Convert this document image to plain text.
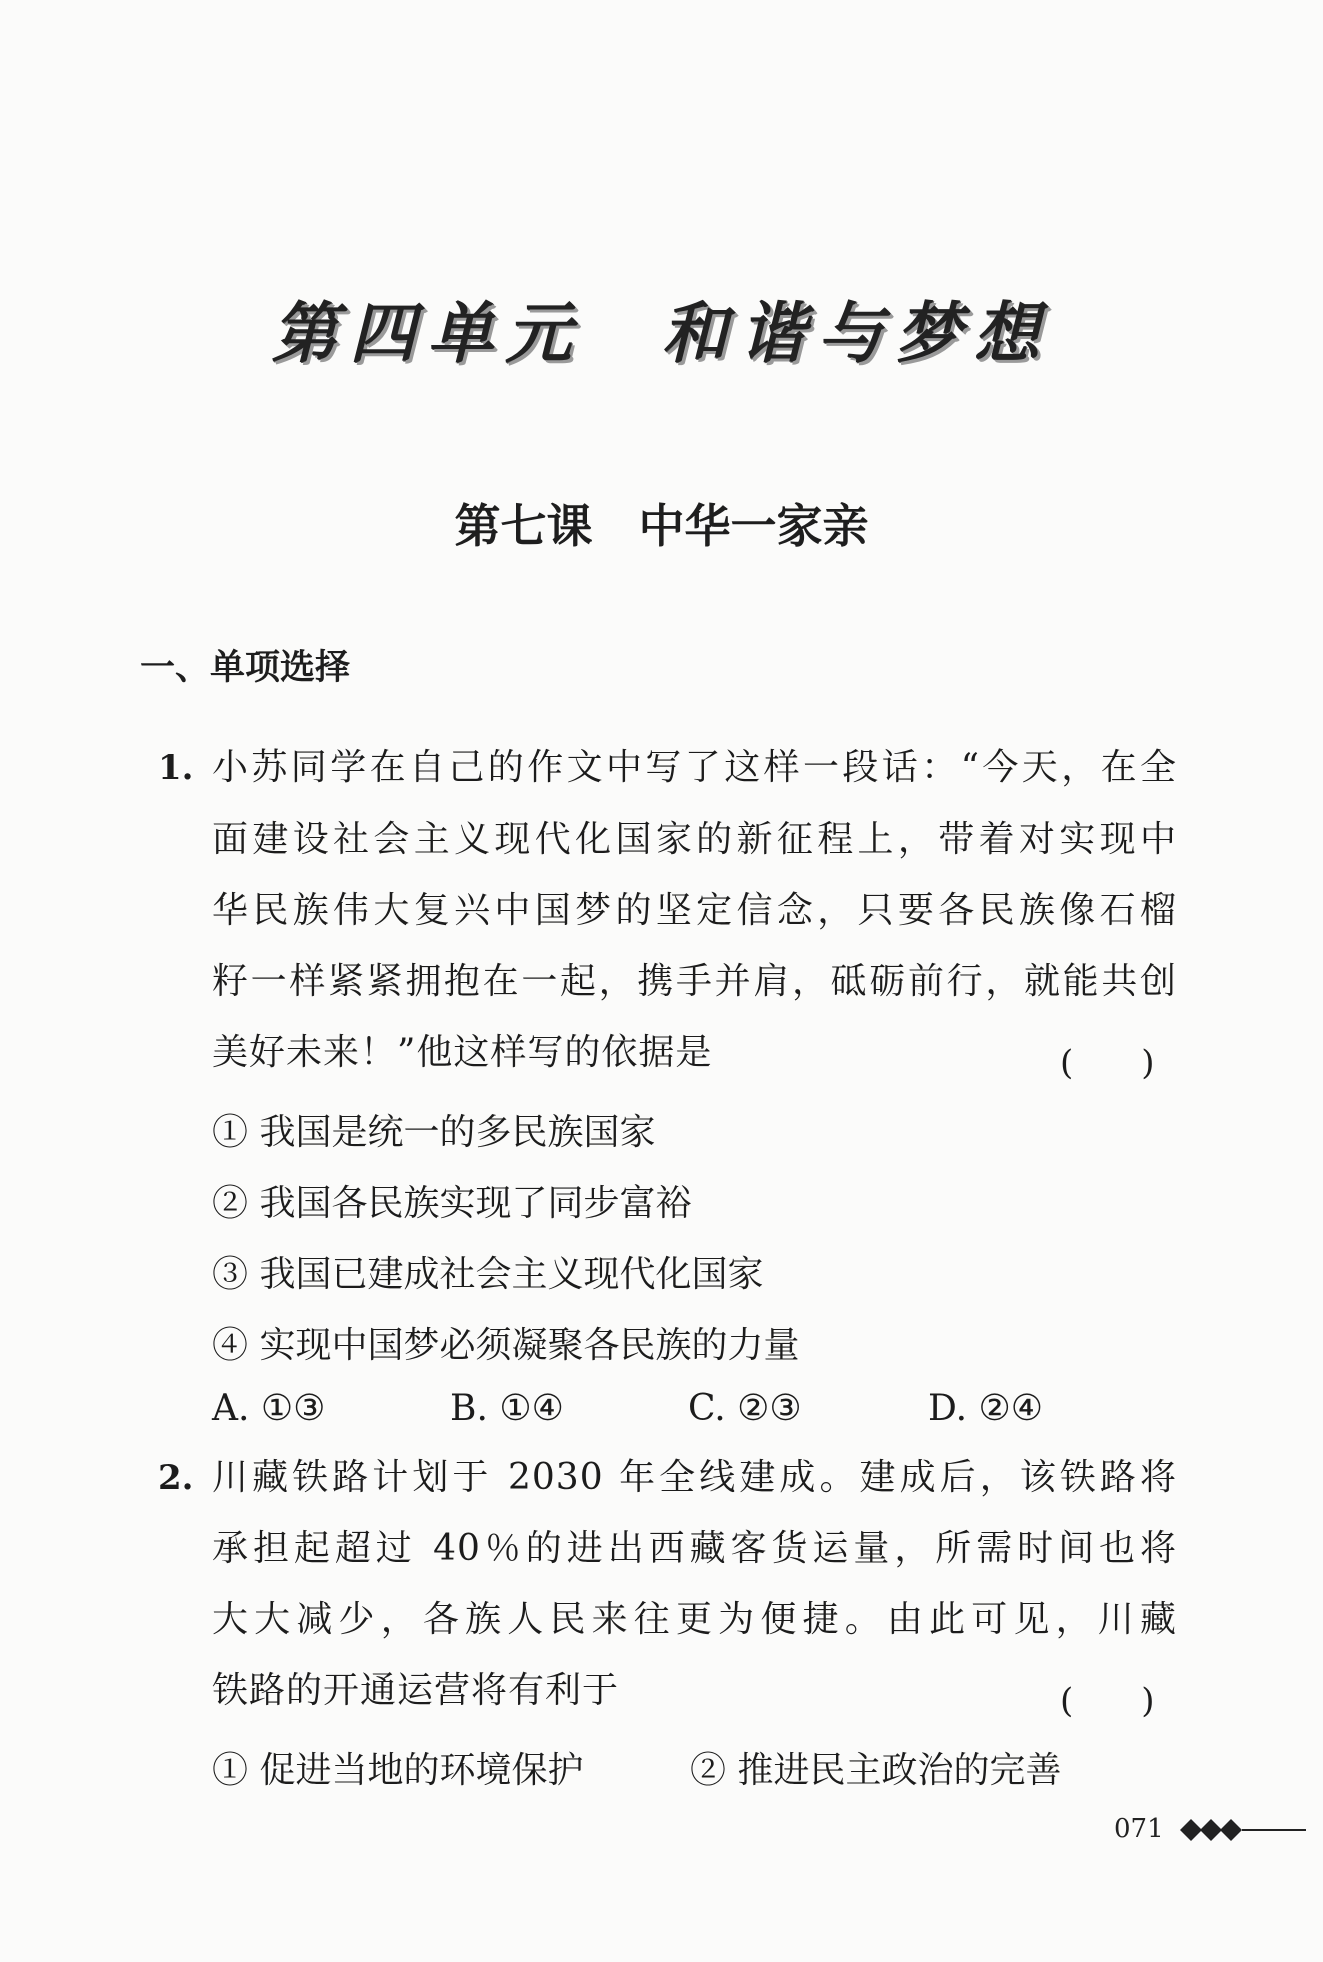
第四单元　和谐与梦想
第七课　中华一家亲
一、单项选择
1. 小苏同学在自己的作文中写了这样一段话：“今天，在全
面建设社会主义现代化国家的新征程上，带着对实现中
华民族伟大复兴中国梦的坚定信念，只要各民族像石榴
籽一样紧紧拥抱在一起，携手并肩，砥砺前行，就能共创
美好未来！”他这样写的依据是	(　　)
① 我国是统一的多民族国家
② 我国各民族实现了同步富裕
③ 我国已建成社会主义现代化国家
④ 实现中国梦必须凝聚各民族的力量
A. ①③	B. ①④	C. ②③	D. ②④
2. 川藏铁路计划于 2030 年全线建成。建成后，该铁路将
承担起超过 40％的进出西藏客货运量，所需时间也将
大大减少，各族人民来往更为便捷。由此可见，川藏
铁路的开通运营将有利于	(　　)
① 促进当地的环境保护	② 推进民主政治的完善
071
